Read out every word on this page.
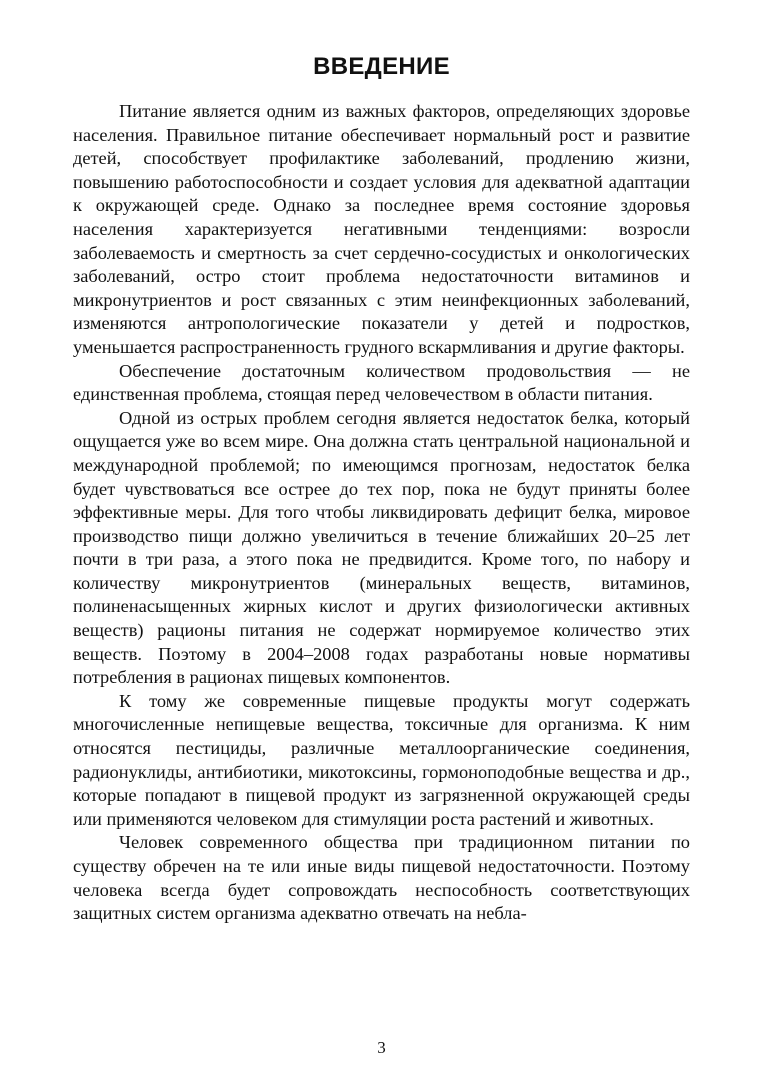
ВВЕДЕНИЕ

Питание является одним из важных факторов, определяющих здоровье населения. Правильное питание обеспечивает нормальный рост и развитие детей, способствует профилактике заболеваний, продлению жизни, повышению работоспособности и создает условия для адекватной адаптации к окружающей среде. Однако за последнее время состояние здоровья населения характеризуется негативными тенденциями: возросли заболеваемость и смертность за счет сердечно-сосудистых и онкологических заболеваний, остро стоит проблема недостаточности витаминов и микронутриентов и рост связанных с этим неинфекционных заболеваний, изменяются антропологические показатели у детей и подростков, уменьшается распространенность грудного вскармливания и другие факторы.

Обеспечение достаточным количеством продовольствия — не единственная проблема, стоящая перед человечеством в области питания.

Одной из острых проблем сегодня является недостаток белка, который ощущается уже во всем мире. Она должна стать центральной национальной и международной проблемой; по имеющимся прогнозам, недостаток белка будет чувствоваться все острее до тех пор, пока не будут приняты более эффективные меры. Для того чтобы ликвидировать дефицит белка, мировое производство пищи должно увеличиться в течение ближайших 20–25 лет почти в три раза, а этого пока не предвидится. Кроме того, по набору и количеству микронутриентов (минеральных веществ, витаминов, полиненасыщенных жирных кислот и других физиологически активных веществ) рационы питания не содержат нормируемое количество этих веществ. Поэтому в 2004–2008 годах разработаны новые нормативы потребления в рационах пищевых компонентов.

К тому же современные пищевые продукты могут содержать многочисленные непищевые вещества, токсичные для организма. К ним относятся пестициды, различные металлоорганические соединения, радионуклиды, антибиотики, микотоксины, гормоноподобные вещества и др., которые попадают в пищевой продукт из загрязненной окружающей среды или применяются человеком для стимуляции роста растений и животных.

Человек современного общества при традиционном питании по существу обречен на те или иные виды пищевой недостаточности. Поэтому человека всегда будет сопровождать неспособность соответствующих защитных систем организма адекватно отвечать на небла-

3
